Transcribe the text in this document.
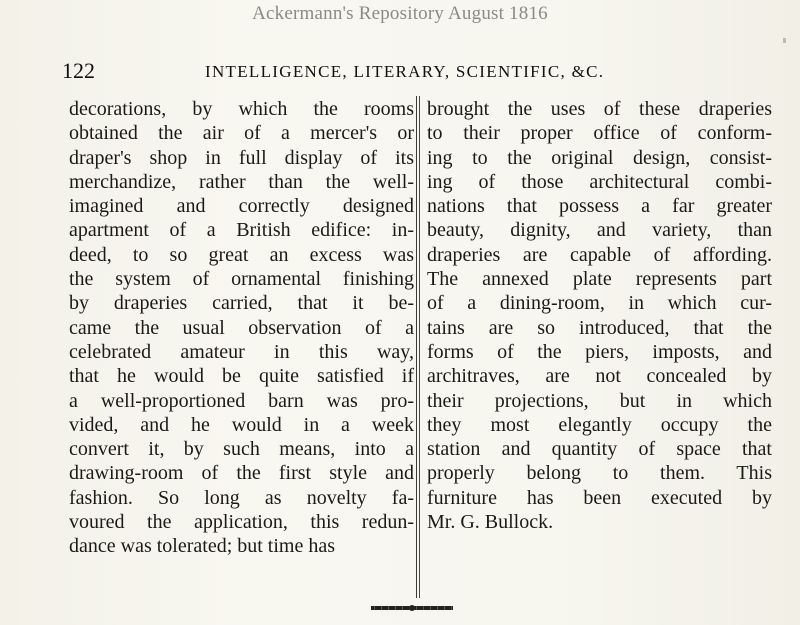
Ackermann's Repository August 1816
122	INTELLIGENCE, LITERARY, SCIENTIFIC, &C.
decorations, by which the rooms
obtained the air of a mercer's or
draper's shop in full display of its
merchandize, rather than the well-
imagined and correctly designed
apartment of a British edifice: in-
deed, to so great an excess was
the system of ornamental finishing
by draperies carried, that it be-
came the usual observation of a
celebrated amateur in this way,
that he would be quite satisfied if
a well-proportioned barn was pro-
vided, and he would in a week
convert it, by such means, into a
drawing-room of the first style and
fashion. So long as novelty fa-
voured the application, this redun-
dance was tolerated; but time has
brought the uses of these draperies
to their proper office of conform-
ing to the original design, consist-
ing of those architectural combi-
nations that possess a far greater
beauty, dignity, and variety, than
draperies are capable of affording.
The annexed plate represents part
of a dining-room, in which cur-
tains are so introduced, that the
forms of the piers, imposts, and
architraves, are not concealed by
their projections, but in which
they most elegantly occupy the
station and quantity of space that
properly belong to them. This
furniture has been executed by
Mr. G. Bullock.
